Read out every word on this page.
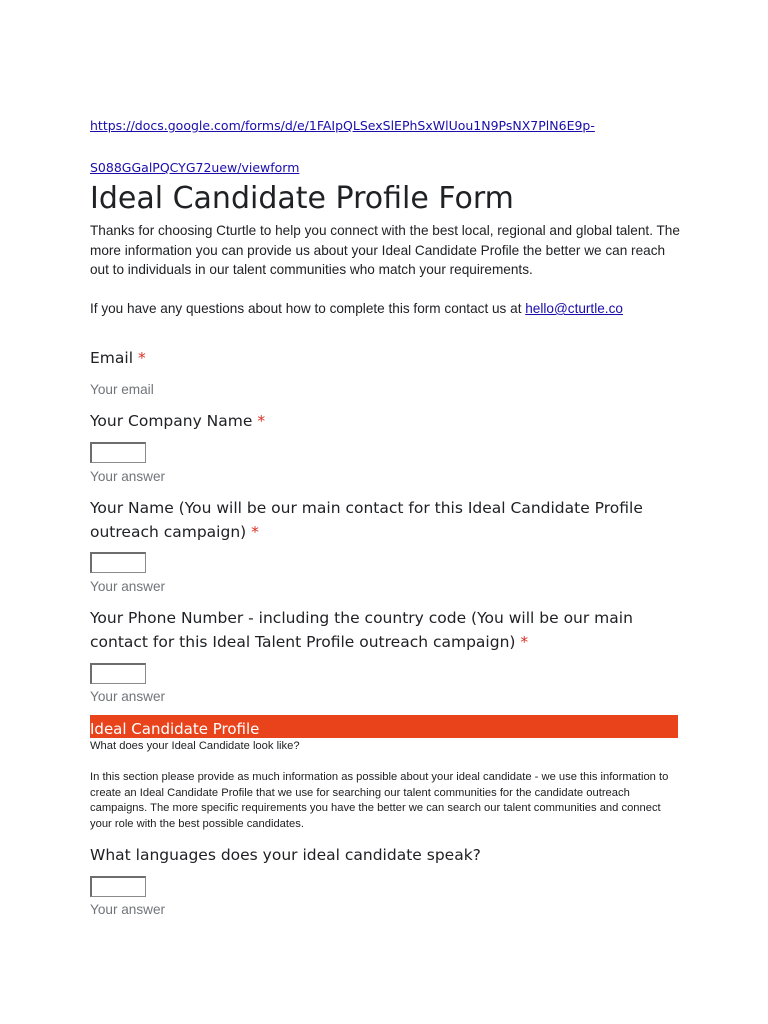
https://docs.google.com/forms/d/e/1FAIpQLSexSlEPhSxWlUou1N9PsNX7PlN6E9p-
S088GGalPQCYG72uew/viewform
Ideal Candidate Profile Form
Thanks for choosing Cturtle to help you connect with the best local, regional and global talent. The more information you can provide us about your Ideal Candidate Profile the better we can reach out to individuals in our talent communities who match your requirements.
If you have any questions about how to complete this form contact us at hello@cturtle.co
Email *
Your email
Your Company Name *
Your answer
Your Name (You will be our main contact for this Ideal Candidate Profile outreach campaign) *
Your answer
Your Phone Number - including the country code (You will be our main contact for this Ideal Talent Profile outreach campaign) *
Your answer
Ideal Candidate Profile
What does your Ideal Candidate look like?
In this section please provide as much information as possible about your ideal candidate - we use this information to create an Ideal Candidate Profile that we use for searching our talent communities for the candidate outreach campaigns. The more specific requirements you have the better we can search our talent communities and connect your role with the best possible candidates.
What languages does your ideal candidate speak?
Your answer
